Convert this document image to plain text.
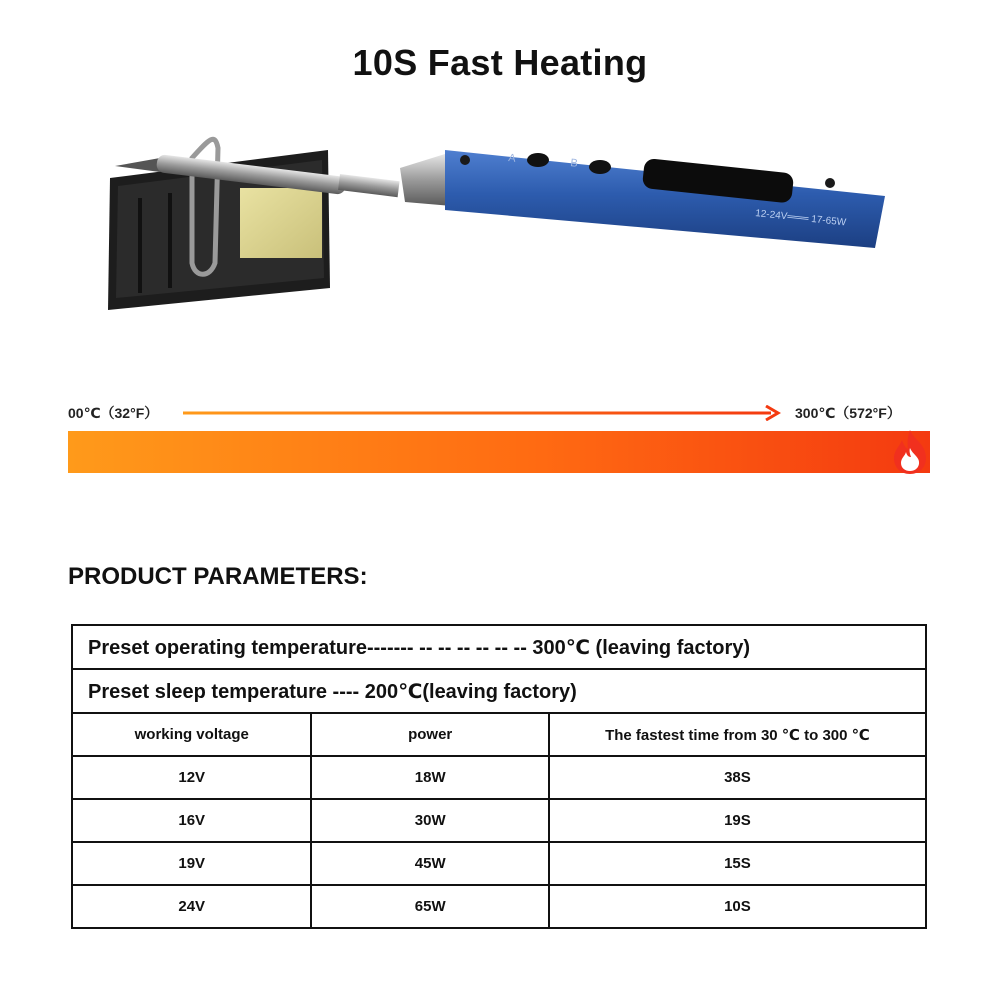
10S Fast Heating
A	B
12-24V═══ 17-65W
00℃（32°F）	300℃（572°F）
PRODUCT PARAMETERS:
Preset operating temperature------- -- -- -- -- -- -- 300℃ (leaving factory)		
Preset sleep temperature ---- 200℃(leaving factory)		
working voltage	power	The fastest time from 30 ℃ to 300 ℃
12V	18W	38S
16V	30W	19S
19V	45W	15S
24V	65W	10S
